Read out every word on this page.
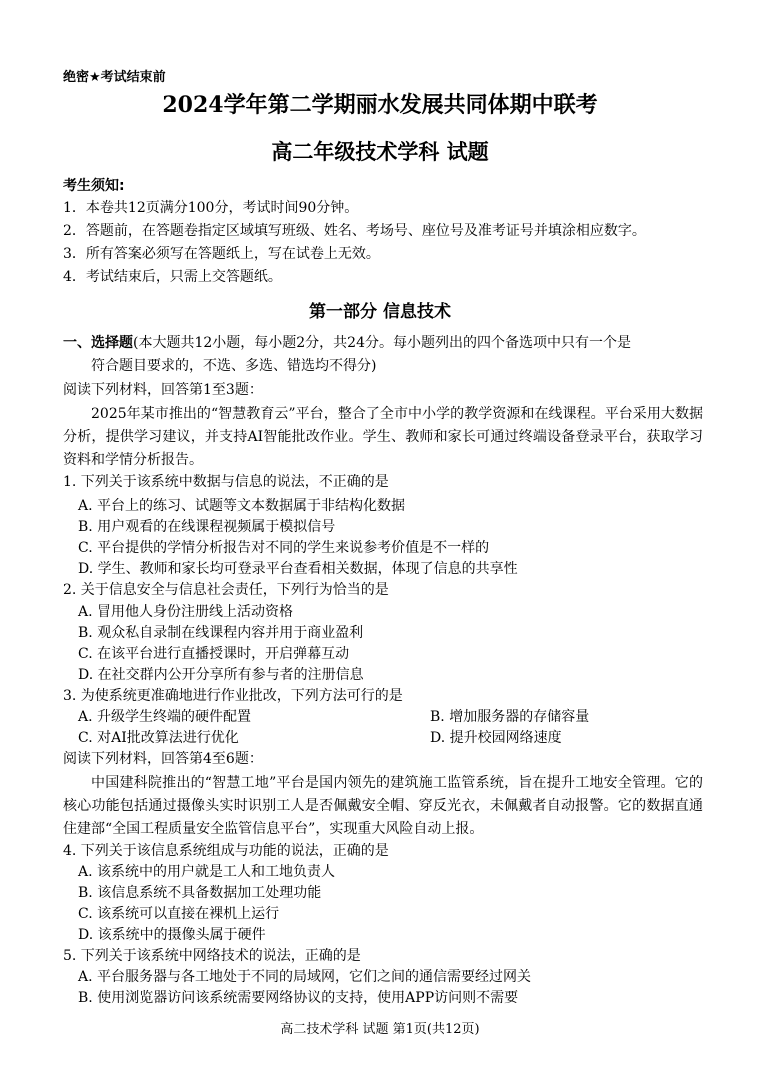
绝密★考试结束前
2024学年第二学期丽水发展共同体期中联考
高二年级技术学科 试题
考生须知:
1．本卷共12页满分100分，考试时间90分钟。
2．答题前，在答题卷指定区域填写班级、姓名、考场号、座位号及准考证号并填涂相应数字。
3．所有答案必须写在答题纸上，写在试卷上无效。
4．考试结束后，只需上交答题纸。
第一部分 信息技术
一、选择题(本大题共12小题，每小题2分，共24分。每小题列出的四个备选项中只有一个是
符合题目要求的，不选、多选、错选均不得分)
阅读下列材料，回答第1至3题：
2025年某市推出的“智慧教育云”平台，整合了全市中小学的教学资源和在线课程。平台采用大数据分析，提供学习建议，并支持AI智能批改作业。学生、教师和家长可通过终端设备登录平台，获取学习资料和学情分析报告。
1. 下列关于该系统中数据与信息的说法，不正确的是
A. 平台上的练习、试题等文本数据属于非结构化数据
B. 用户观看的在线课程视频属于模拟信号
C. 平台提供的学情分析报告对不同的学生来说参考价值是不一样的
D. 学生、教师和家长均可登录平台查看相关数据，体现了信息的共享性
2. 关于信息安全与信息社会责任，下列行为恰当的是
A. 冒用他人身份注册线上活动资格
B. 观众私自录制在线课程内容并用于商业盈利
C. 在该平台进行直播授课时，开启弹幕互动
D. 在社交群内公开分享所有参与者的注册信息
3. 为使系统更准确地进行作业批改，下列方法可行的是
A. 升级学生终端的硬件配置	B. 增加服务器的存储容量
C. 对AI批改算法进行优化	D. 提升校园网络速度
阅读下列材料，回答第4至6题：
中国建科院推出的“智慧工地”平台是国内领先的建筑施工监管系统，旨在提升工地安全管理。它的核心功能包括通过摄像头实时识别工人是否佩戴安全帽、穿反光衣，未佩戴者自动报警。它的数据直通住建部“全国工程质量安全监管信息平台”，实现重大风险自动上报。
4. 下列关于该信息系统组成与功能的说法，正确的是
A. 该系统中的用户就是工人和工地负责人
B. 该信息系统不具备数据加工处理功能
C. 该系统可以直接在裸机上运行
D. 该系统中的摄像头属于硬件
5. 下列关于该系统中网络技术的说法，正确的是
A. 平台服务器与各工地处于不同的局域网，它们之间的通信需要经过网关
B. 使用浏览器访问该系统需要网络协议的支持，使用APP访问则不需要
高二技术学科 试题 第1页(共12页)
